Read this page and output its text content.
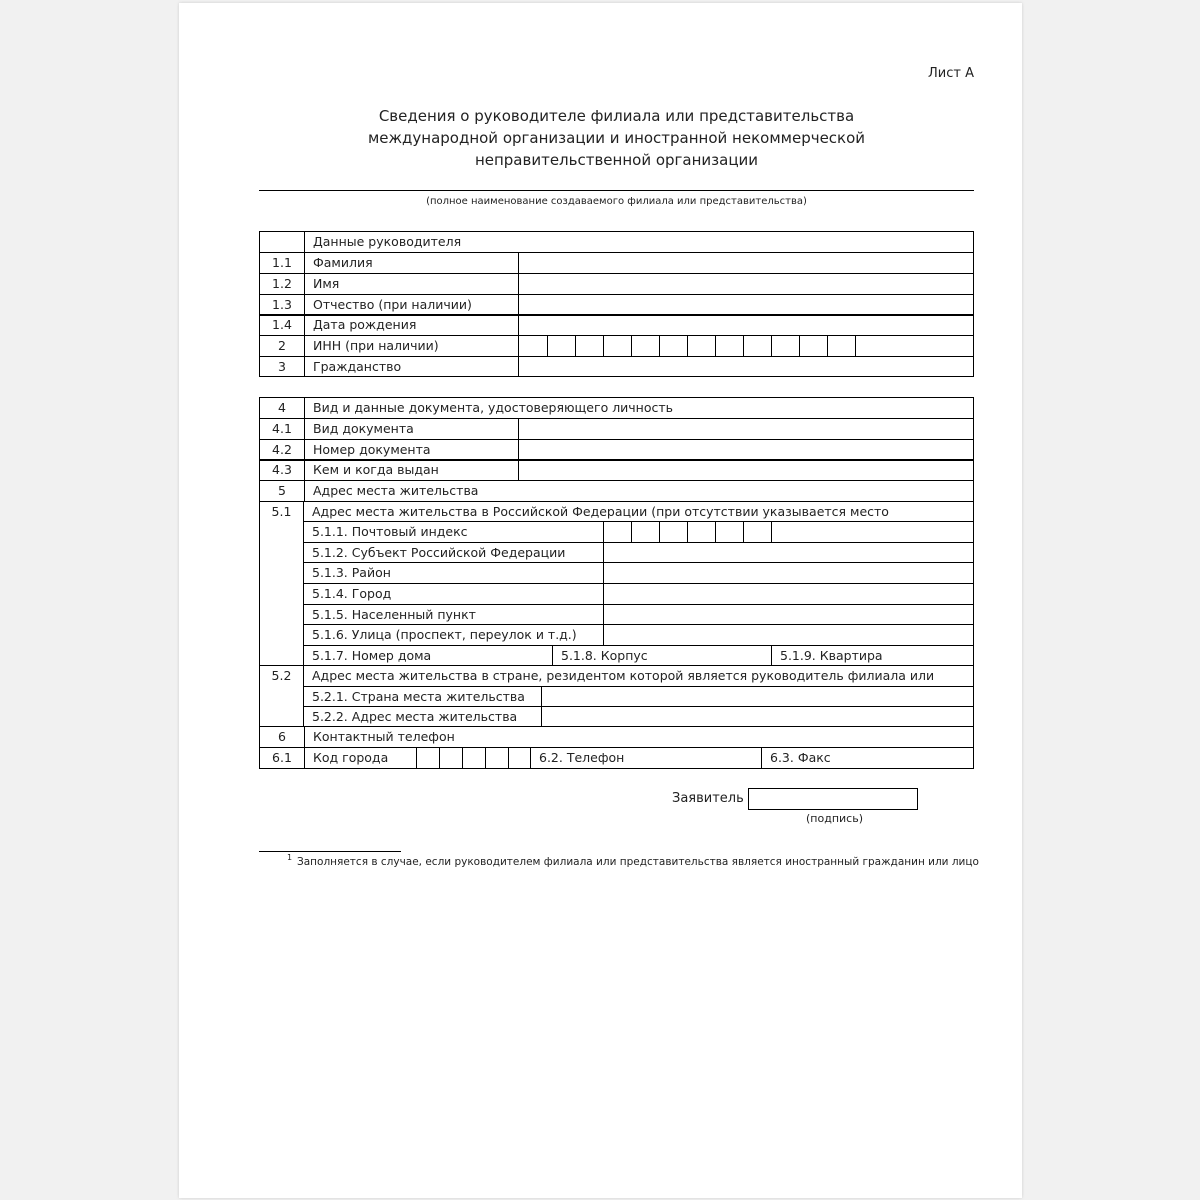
Лист А
Сведения о руководителе филиала или представительства
международной организации и иностранной некоммерческой
неправительственной организации
(полное наименование создаваемого филиала или представительства)
Данные руководителя
1.1	Фамилия
1.2	Имя
1.3	Отчество (при наличии)
1.4	Дата рождения
2	ИНН (при наличии)
3	Гражданство
4	Вид и данные документа, удостоверяющего личность
4.1	Вид документа
4.2	Номер документа
4.3	Кем и когда выдан
5	Адрес места жительства
5.1	Адрес места жительства в Российской Федерации (при отсутствии указывается место
5.1.1. Почтовый индекс
5.1.2. Субъект Российской Федерации
5.1.3. Район
5.1.4. Город
5.1.5. Населенный пункт
5.1.6. Улица (проспект, переулок и т.д.)
5.1.7. Номер дома	5.1.8. Корпус	5.1.9. Квартира
5.2	Адрес места жительства в стране, резидентом которой является руководитель филиала или
5.2.1. Страна места жительства
5.2.2. Адрес места жительства
6	Контактный телефон
6.1	Код города	6.2. Телефон	6.3. Факс
Заявитель
(подпись)
1 Заполняется в случае, если руководителем филиала или представительства является иностранный гражданин или лицо
